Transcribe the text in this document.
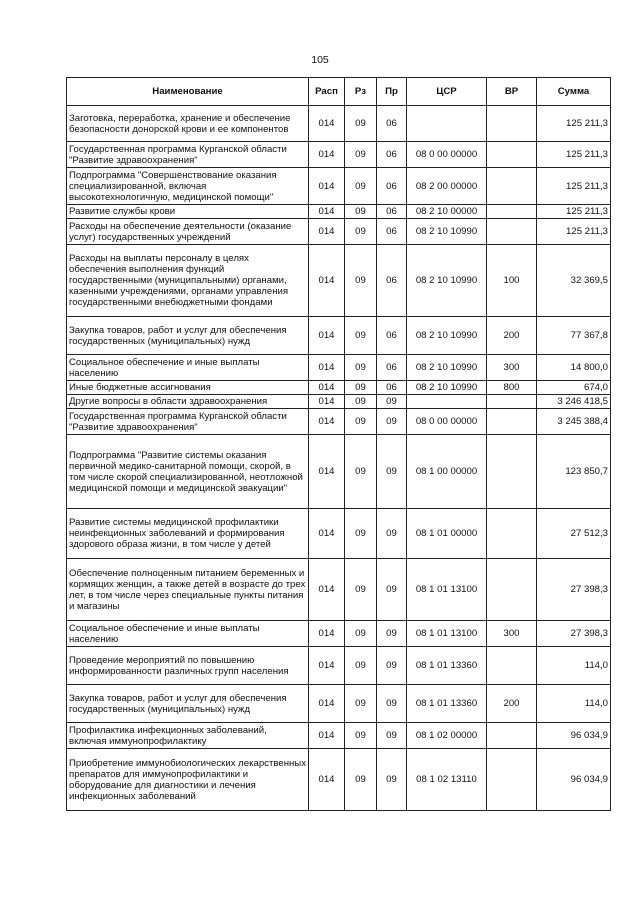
105
Наименование	Расп	Рз	Пр	ЦСР	ВР	Сумма
Заготовка, переработка, хранение и обеспечение безопасности донорской крови и ее компонентов	014	09	06			125 211,3
Государственная программа Курганской области "Развитие здравоохранения"	014	09	06	08 0 00 00000		125 211,3
Подпрограмма "Совершенствование оказания специализированной, включая высокотехнологичную, медицинской помощи"	014	09	06	08 2 00 00000		125 211,3
Развитие службы крови	014	09	06	08 2 10 00000		125 211,3
Расходы на обеспечение деятельности (оказание услуг) государственных учреждений	014	09	06	08 2 10 10990		125 211,3
Расходы на выплаты персоналу в целях обеспечения выполнения функций государственными (муниципальными) органами, казенными учреждениями, органами управления государственными внебюджетными фондами	014	09	06	08 2 10 10990	100	32 369,5
Закупка товаров, работ и услуг для обеспечения государственных (муниципальных) нужд	014	09	06	08 2 10 10990	200	77 367,8
Социальное обеспечение и иные выплаты населению	014	09	06	08 2 10 10990	300	14 800,0
Иные бюджетные ассигнования	014	09	06	08 2 10 10990	800	674,0
Другие вопросы в области здравоохранения	014	09	09			3 246 418,5
Государственная программа Курганской области "Развитие здравоохранения"	014	09	09	08 0 00 00000		3 245 388,4
Подпрограмма "Развитие системы оказания первичной медико-санитарной помощи, скорой, в том числе скорой специализированной, неотложной медицинской помощи и медицинской эвакуации"	014	09	09	08 1 00 00000		123 850,7
Развитие системы медицинской профилактики неинфекционных заболеваний и формирования здорового образа жизни, в том числе у детей	014	09	09	08 1 01 00000		27 512,3
Обеспечение полноценным питанием беременных и кормящих женщин, а также детей в возрасте до трех лет, в том числе через специальные пункты питания и магазины	014	09	09	08 1 01 13100		27 398,3
Социальное обеспечение и иные выплаты населению	014	09	09	08 1 01 13100	300	27 398,3
Проведение мероприятий по повышению информированности различных групп населения	014	09	09	08 1 01 13360		114,0
Закупка товаров, работ и услуг для обеспечения государственных (муниципальных) нужд	014	09	09	08 1 01 13360	200	114,0
Профилактика инфекционных заболеваний, включая иммунопрофилактику	014	09	09	08 1 02 00000		96 034,9
Приобретение иммунобиологических лекарственных препаратов для иммунопрофилактики и оборудование для диагностики и лечения инфекционных заболеваний	014	09	09	08 1 02 13110		96 034,9
